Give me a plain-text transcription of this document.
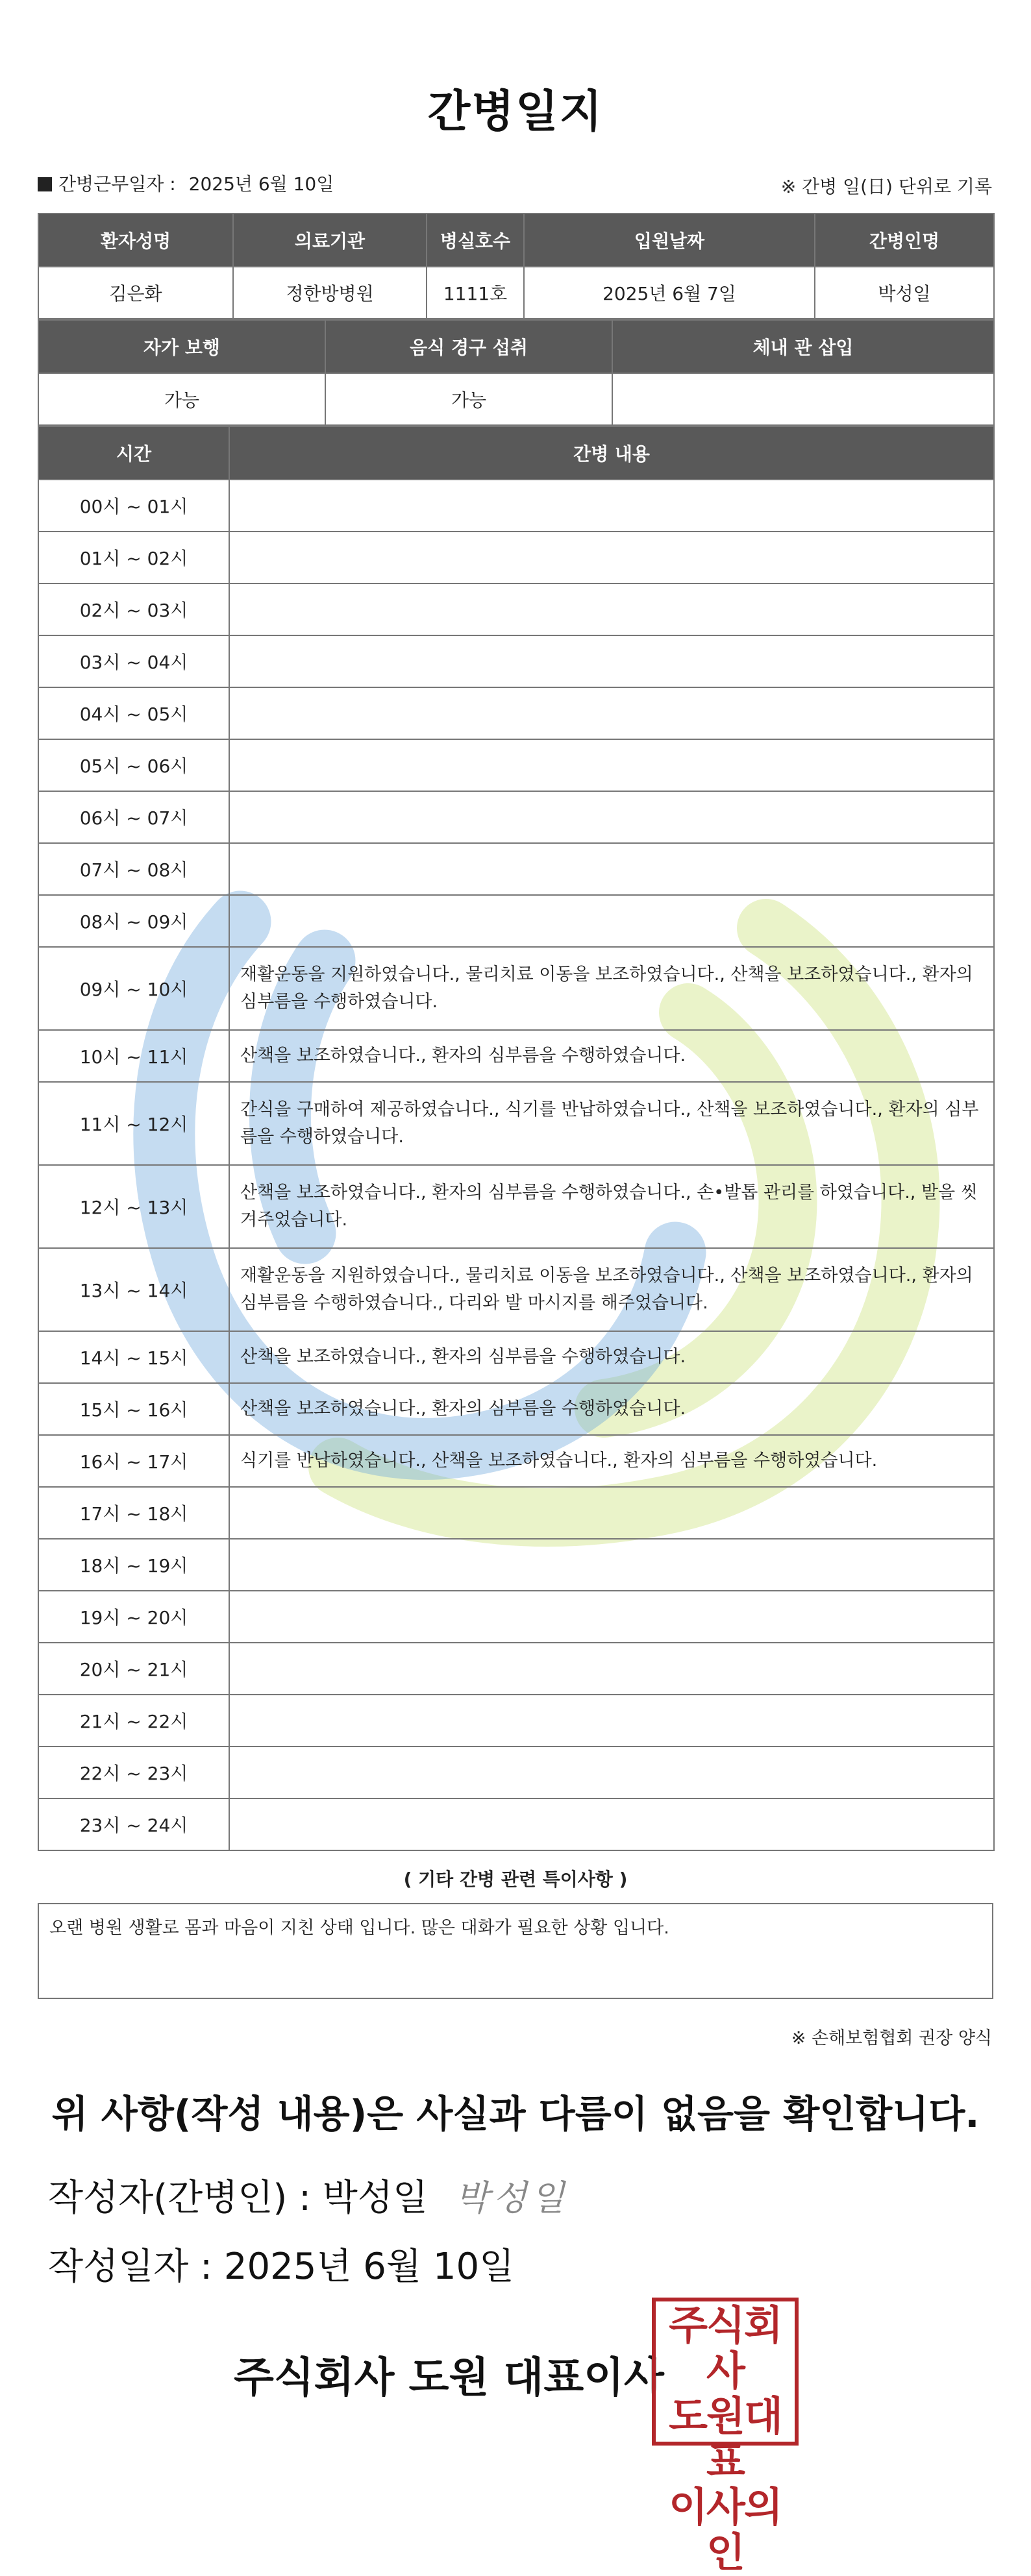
간병일지
간병근무일자 : 2025년 6월 10일	※ 간병 일(日) 단위로 기록
환자성명	의료기관	병실호수	입원날짜	간병인명
김은화	정한방병원	1111호	2025년 6월 7일	박성일
자가 보행	음식 경구 섭취	체내 관 삽입
가능	가능	
시간	간병 내용
00시 ~ 01시	
01시 ~ 02시	
02시 ~ 03시	
03시 ~ 04시	
04시 ~ 05시	
05시 ~ 06시	
06시 ~ 07시	
07시 ~ 08시	
08시 ~ 09시	
09시 ~ 10시	재활운동을 지원하였습니다., 물리치료 이동을 보조하였습니다., 산책을 보조하였습니다., 환자의 심부름을 수행하였습니다.
10시 ~ 11시	산책을 보조하였습니다., 환자의 심부름을 수행하였습니다.
11시 ~ 12시	간식을 구매하여 제공하였습니다., 식기를 반납하였습니다., 산책을 보조하였습니다., 환자의 심부름을 수행하였습니다.
12시 ~ 13시	산책을 보조하였습니다., 환자의 심부름을 수행하였습니다., 손•발톱 관리를 하였습니다., 발을 씻겨주었습니다.
13시 ~ 14시	재활운동을 지원하였습니다., 물리치료 이동을 보조하였습니다., 산책을 보조하였습니다., 환자의 심부름을 수행하였습니다., 다리와 발 마시지를 해주었습니다.
14시 ~ 15시	산책을 보조하였습니다., 환자의 심부름을 수행하였습니다.
15시 ~ 16시	산책을 보조하였습니다., 환자의 심부름을 수행하였습니다.
16시 ~ 17시	식기를 반납하였습니다., 산책을 보조하였습니다., 환자의 심부름을 수행하였습니다.
17시 ~ 18시	
18시 ~ 19시	
19시 ~ 20시	
20시 ~ 21시	
21시 ~ 22시	
22시 ~ 23시	
23시 ~ 24시	
( 기타 간병 관련 특이사항 )
오랜 병원 생활로 몸과 마음이 지친 상태 입니다. 많은 대화가 필요한 상황 입니다.
※ 손해보험협회 권장 양식
위 사항(작성 내용)은 사실과 다름이 없음을 확인합니다.
작성자(간병인) : 박성일 박성일
작성일자 : 2025년 6월 10일
주식회사 도원 대표이사
주식회사
도원대표
이사의인
